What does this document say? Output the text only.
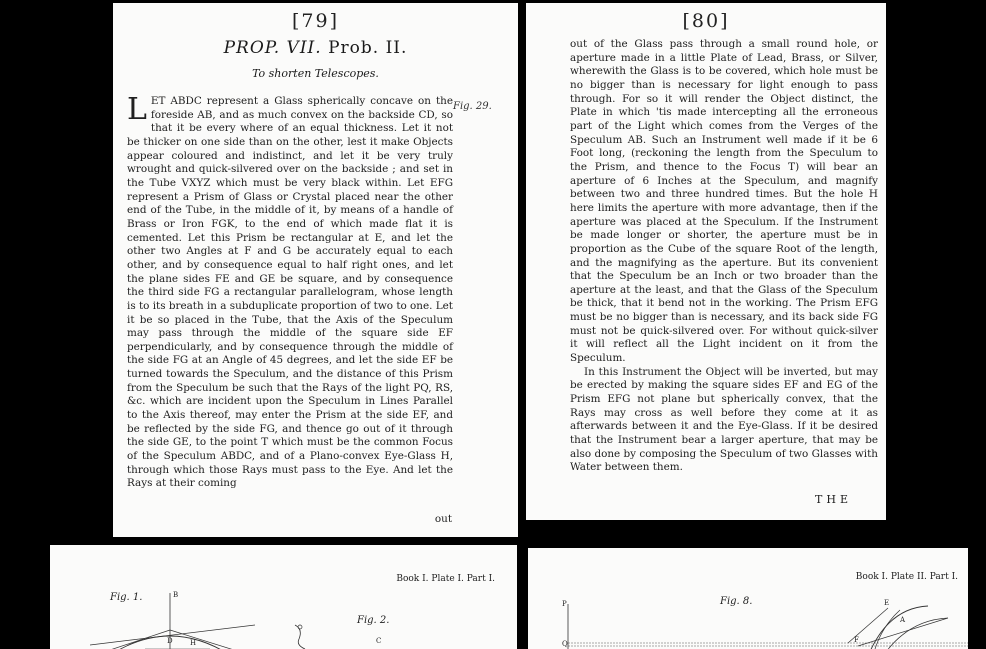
[79]
PROP. VII. Prob. II.
To shorten Telescopes.
Fig. 29.
L ET ABDC represent a Glass spherically concave on the foreside AB, and as much convex on the backside CD, so that it be every where of an equal thickness. Let it not be thicker on one side than on the other, lest it make Objects appear coloured and indistinct, and let it be very truly wrought and quick-silvered over on the backside ; and set in the Tube VXYZ which must be very black within. Let EFG represent a Prism of Glass or Crystal placed near the other end of the Tube, in the middle of it, by means of a handle of Brass or Iron FGK, to the end of which made flat it is cemented. Let this Prism be rectangular at E, and let the other two Angles at F and G be accurately equal to each other, and by consequence equal to half right ones, and let the plane sides FE and GE be square, and by consequence the third side FG a rectangular parallelogram, whose length is to its breath in a subduplicate proportion of two to one. Let it be so placed in the Tube, that the Axis of the Speculum may pass through the middle of the square side EF perpendicularly, and by consequence through the middle of the side FG at an Angle of 45 degrees, and let the side EF be turned towards the Speculum, and the distance of this Prism from the Speculum be such that the Rays of the light PQ, RS, &c. which are incident upon the Speculum in Lines Parallel to the Axis thereof, may enter the Prism at the side EF, and be reflected by the side FG, and thence go out of it through the side GE, to the point T which must be the common Focus of the Speculum ABDC, and of a Plano-convex Eye-Glass H, through which those Rays must pass to the Eye. And let the Rays at their coming
out
[80]
out of the Glass pass through a small round hole, or aperture made in a little Plate of Lead, Brass, or Silver, wherewith the Glass is to be covered, which hole must be no bigger than is necessary for light enough to pass through. For so it will render the Object distinct, the Plate in which 'tis made intercepting all the erroneous part of the Light which comes from the Verges of the Speculum AB. Such an Instrument well made if it be 6 Foot long, (reckoning the length from the Speculum to the Prism, and thence to the Focus T) will bear an aperture of 6 Inches at the Speculum, and magnify between two and three hundred times. But the hole H here limits the aperture with more advantage, then if the aperture was placed at the Speculum. If the Instrument be made longer or shorter, the aperture must be in proportion as the Cube of the square Root of the length, and the magnifying as the aperture. But its convenient that the Speculum be an Inch or two broader than the aperture at the least, and that the Glass of the Speculum be thick, that it bend not in the working. The Prism EFG must be no bigger than is necessary, and its back side FG must not be quick-silvered over. For without quick-silver it will reflect all the Light incident on it from the Speculum.
In this Instrument the Object will be inverted, but may be erected by making the square sides EF and EG of the Prism EFG not plane but spherically convex, that the Rays may cross as well before they come at it as afterwards between it and the Eye-Glass. If it be desired that the Instrument bear a larger aperture, that may be also done by composing the Speculum of two Glasses with Water between them.
THE
Book I. Plate I. Part I.
Fig. 1.
Fig. 2.
B
D H	C
Book I. Plate II. Part I.
Fig. 8.
P
Q
E
A
F
